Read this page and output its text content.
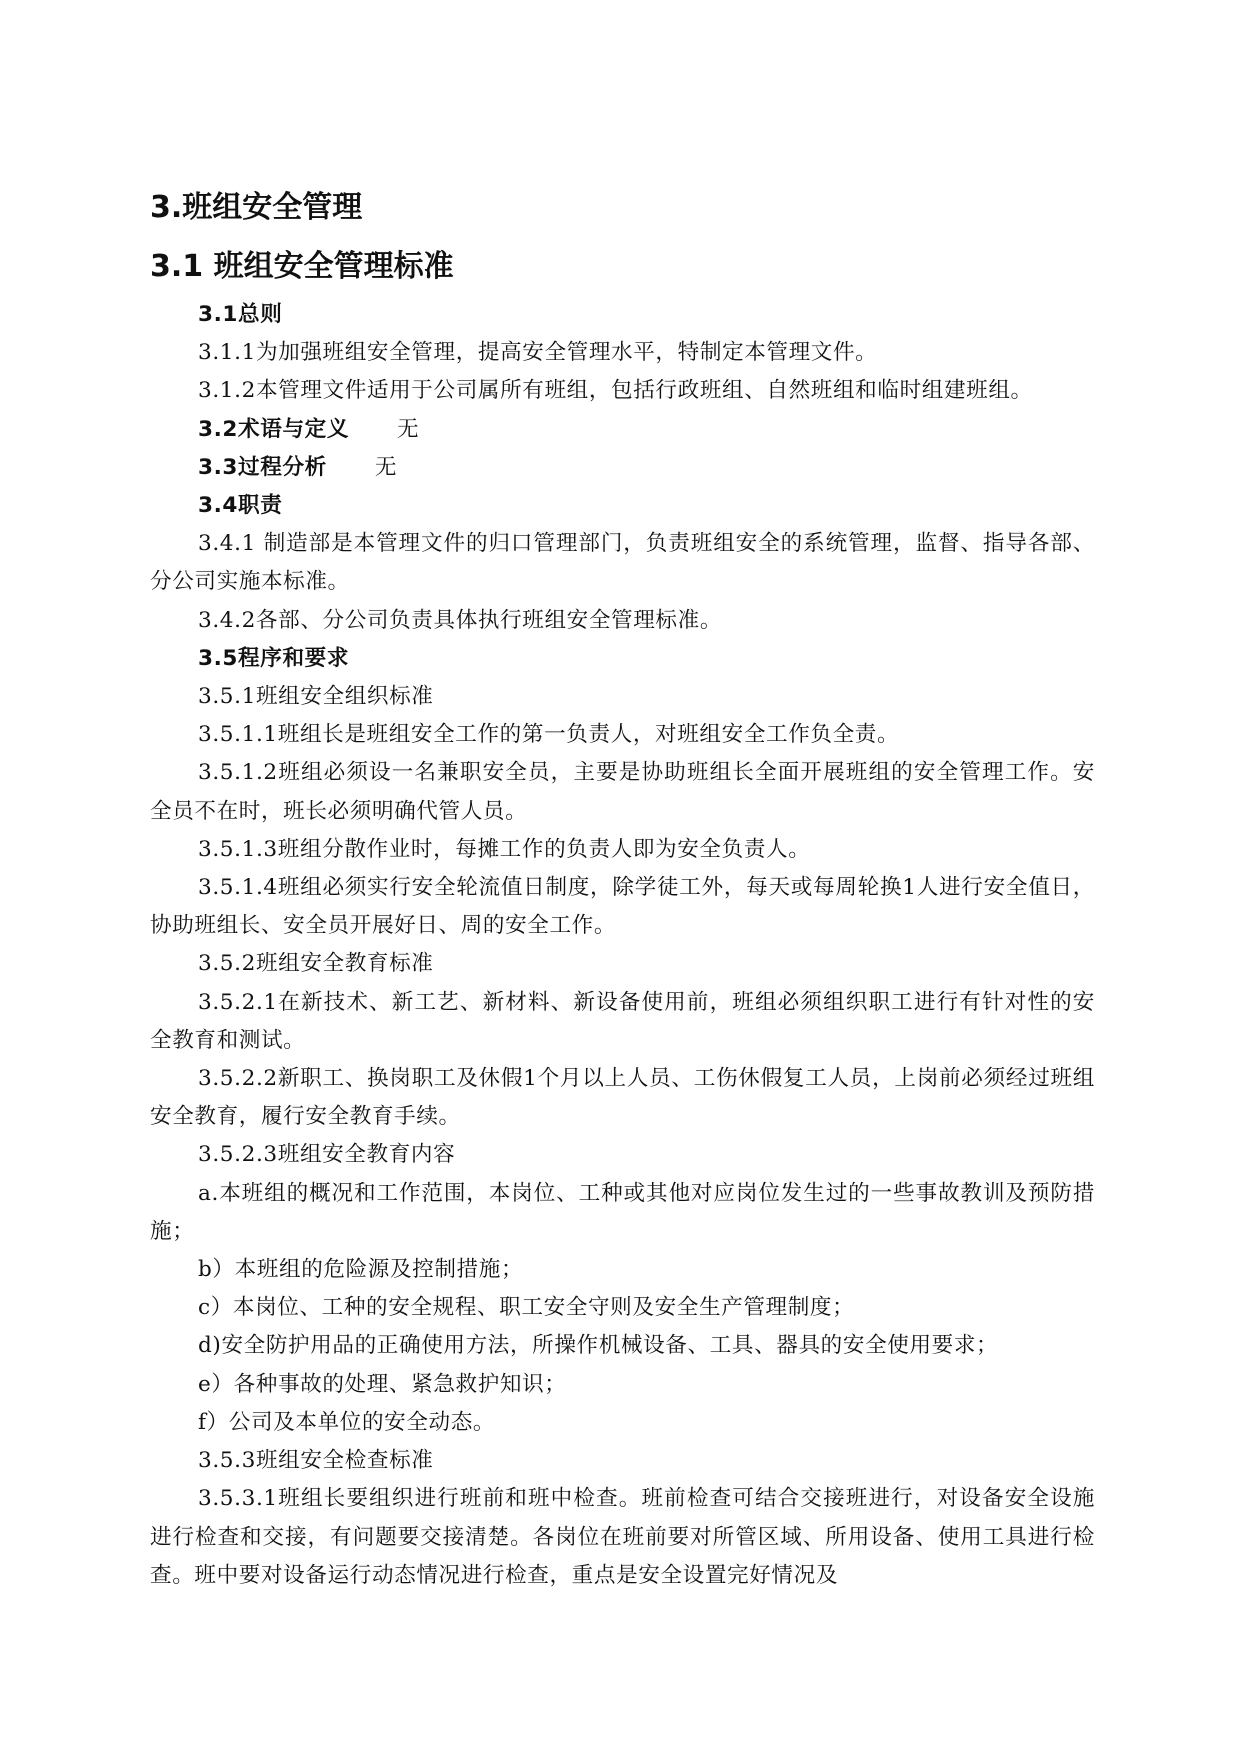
3.班组安全管理
3.1 班组安全管理标准

3.1总则

3.1.1为加强班组安全管理，提高安全管理水平，特制定本管理文件。

3.1.2本管理文件适用于公司属所有班组，包括行政班组、自然班组和临时组建班组。

3.2术语与定义 无

3.3过程分析 无

3.4职责

3.4.1 制造部是本管理文件的归口管理部门，负责班组安全的系统管理，监督、指导各部、分公司实施本标准。

3.4.2各部、分公司负责具体执行班组安全管理标准。

3.5程序和要求

3.5.1班组安全组织标准

3.5.1.1班组长是班组安全工作的第一负责人，对班组安全工作负全责。

3.5.1.2班组必须设一名兼职安全员，主要是协助班组长全面开展班组的安全管理工作。安全员不在时，班长必须明确代管人员。

3.5.1.3班组分散作业时，每摊工作的负责人即为安全负责人。

3.5.1.4班组必须实行安全轮流值日制度，除学徒工外，每天或每周轮换1人进行安全值日，协助班组长、安全员开展好日、周的安全工作。

3.5.2班组安全教育标准

3.5.2.1在新技术、新工艺、新材料、新设备使用前，班组必须组织职工进行有针对性的安全教育和测试。

3.5.2.2新职工、换岗职工及休假1个月以上人员、工伤休假复工人员，上岗前必须经过班组安全教育，履行安全教育手续。

3.5.2.3班组安全教育内容

a.本班组的概况和工作范围，本岗位、工种或其他对应岗位发生过的一些事故教训及预防措施；

b）本班组的危险源及控制措施；

c）本岗位、工种的安全规程、职工安全守则及安全生产管理制度；

d)安全防护用品的正确使用方法，所操作机械设备、工具、器具的安全使用要求；

e）各种事故的处理、紧急救护知识；

f）公司及本单位的安全动态。

3.5.3班组安全检查标准

3.5.3.1班组长要组织进行班前和班中检查。班前检查可结合交接班进行，对设备安全设施进行检查和交接，有问题要交接清楚。各岗位在班前要对所管区域、所用设备、使用工具进行检查。班中要对设备运行动态情况进行检查，重点是安全设置完好情况及
